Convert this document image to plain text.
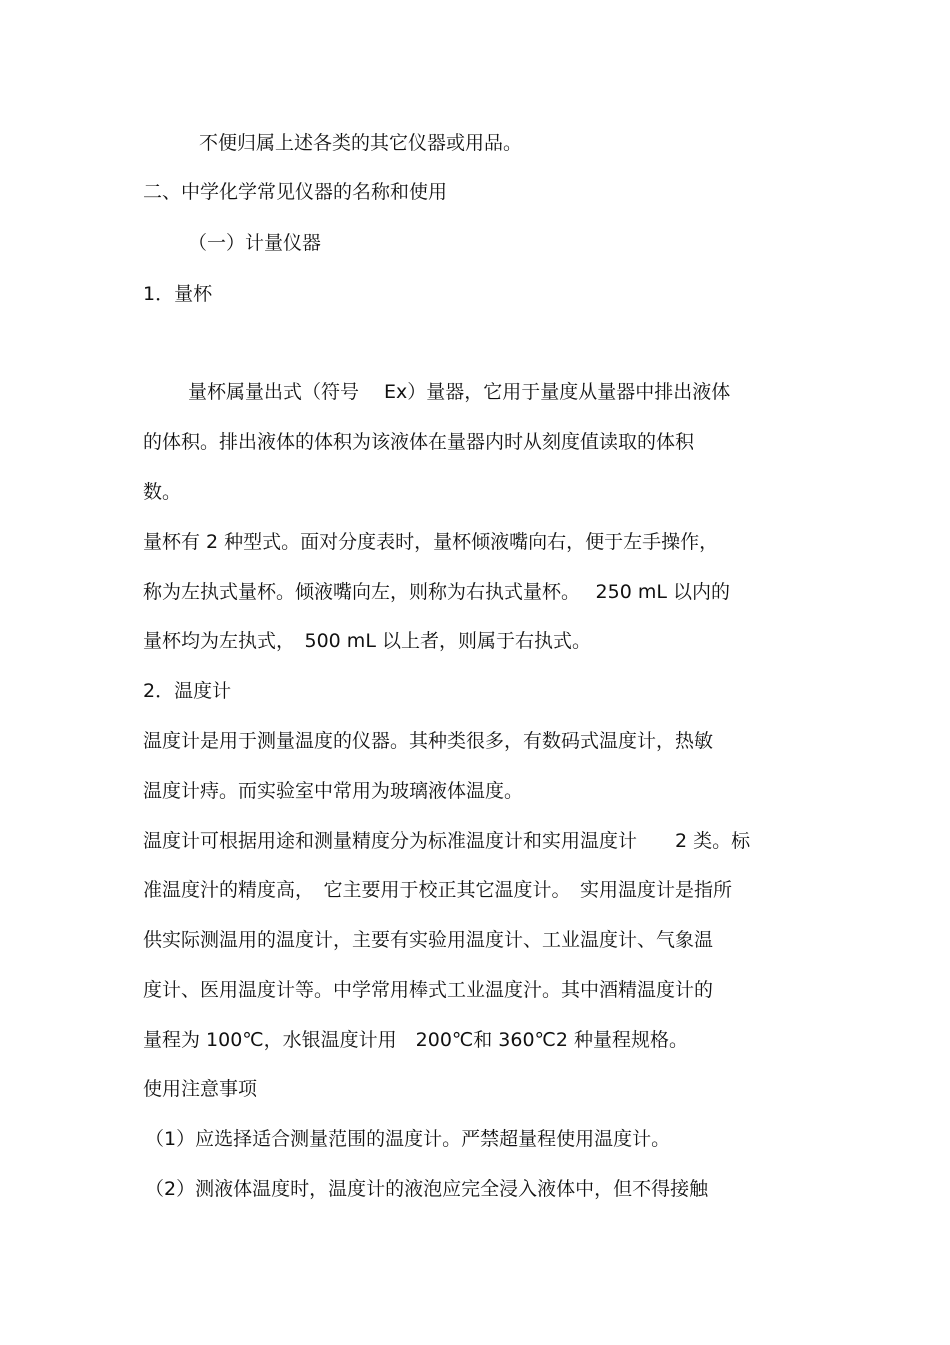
不便归属上述各类的其它仪器或用品。

二、中学化学常见仪器的名称和使用

（一）计量仪器

1．量杯

量杯属量出式（符号　 Ex）量器，它用于量度从量器中排出液体

的体积。排出液体的体积为该液体在量器内时从刻度值读取的体积

数。

量杯有 2 种型式。面对分度表时，量杯倾液嘴向右，便于左手操作，

称为左执式量杯。倾液嘴向左，则称为右执式量杯。　 250 mL 以内的

量杯均为左执式，　500 mL 以上者，则属于右执式。

2．温度计

温度计是用于测量温度的仪器。其种类很多，有数码式温度计，热敏

温度计痔。而实验室中常用为玻璃液体温度。

温度计可根据用途和测量精度分为标准温度计和实用温度计　　2 类。标

准温度汁的精度高，　它主要用于校正其它温度计。　实用温度计是指所

供实际测温用的温度计，主要有实验用温度计、工业温度计、气象温

度计、医用温度计等。中学常用棒式工业温度汁。其中酒精温度计的

量程为 100℃，水银温度计用　200℃和 360℃2 种量程规格。

使用注意事项

（1）应选择适合测量范围的温度计。严禁超量程使用温度计。

（2）测液体温度时，温度计的液泡应完全浸入液体中，但不得接触
